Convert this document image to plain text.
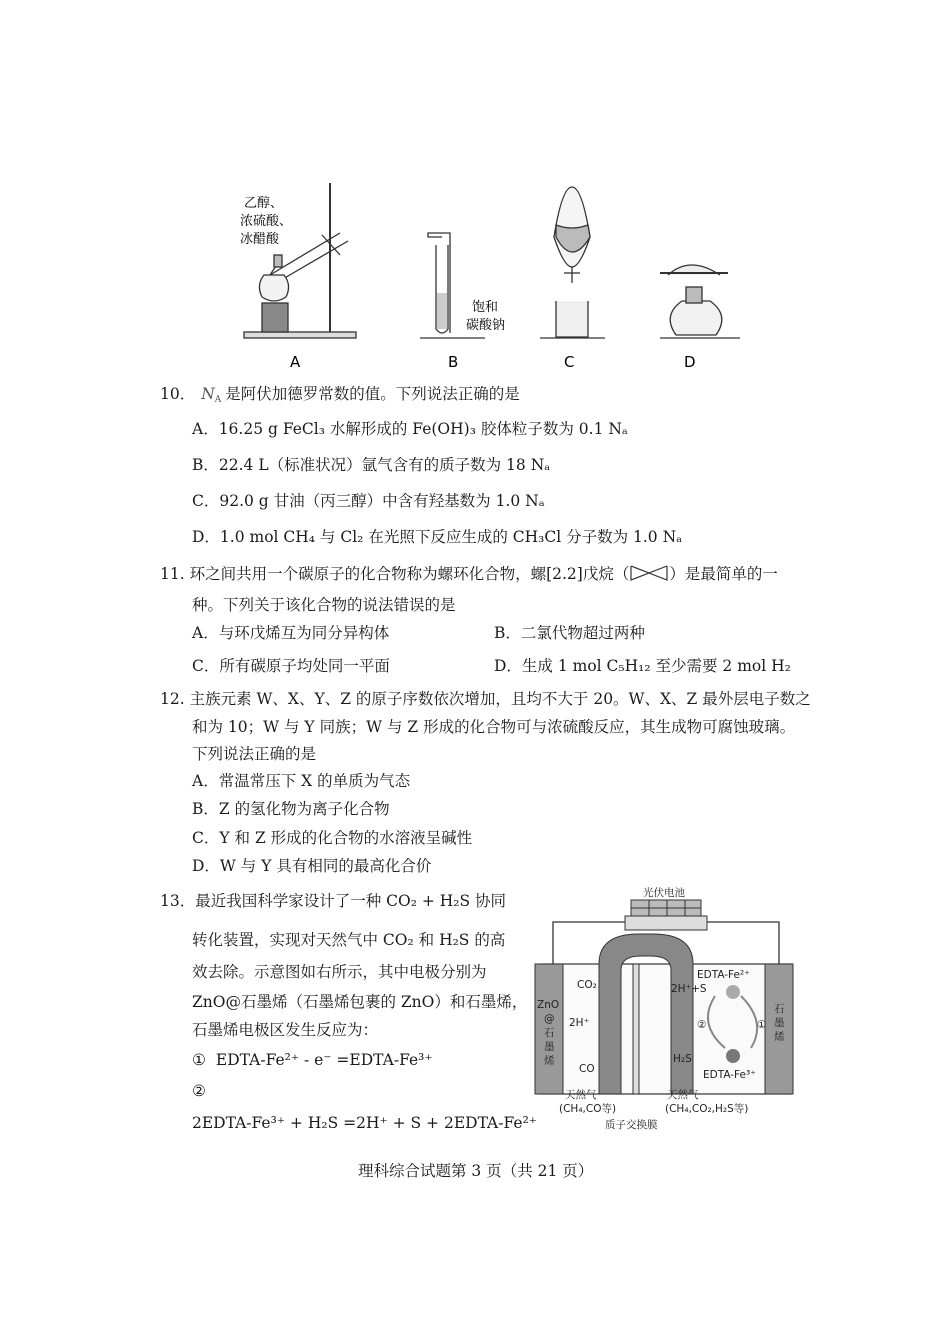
乙醇、
浓硫酸、
冰醋酸
饱和
碳酸钠
A	B	C	D
10． $N_A$ 是阿伏加德罗常数的值。下列说法正确的是
A．16.25 g FeCl₃ 水解形成的 Fe(OH)₃ 胶体粒子数为 0.1 Nₐ
B．22.4 L（标准状况）氩气含有的质子数为 18 Nₐ
C．92.0 g 甘油（丙三醇）中含有羟基数为 1.0 Nₐ
D．1.0 mol CH₄ 与 Cl₂ 在光照下反应生成的 CH₃Cl 分子数为 1.0 Nₐ
11. 环之间共用一个碳原子的化合物称为螺环化合物，螺[2.2]戊烷（	）是最简单的一
种。下列关于该化合物的说法错误的是
A．与环戊烯互为同分异构体	B．二氯代物超过两种
C．所有碳原子均处同一平面	D．生成 1 mol C₅H₁₂ 至少需要 2 mol H₂
12. 主族元素 W、X、Y、Z 的原子序数依次增加，且均不大于 20。W、X、Z 最外层电子数之
和为 10；W 与 Y 同族；W 与 Z 形成的化合物可与浓硫酸反应，其生成物可腐蚀玻璃。
下列说法正确的是
A．常温常压下 X 的单质为气态
B．Z 的氢化物为离子化合物
C．Y 和 Z 形成的化合物的水溶液呈碱性
D．W 与 Y 具有相同的最高化合价
13．最近我国科学家设计了一种 CO₂ + H₂S 协同
转化装置，实现对天然气中 CO₂ 和 H₂S 的高
效去除。示意图如右所示，其中电极分别为
ZnO@石墨烯（石墨烯包裹的 ZnO）和石墨烯，
石墨烯电极区发生反应为：
① EDTA-Fe²⁺ - e⁻ =EDTA-Fe³⁺
②
2EDTA-Fe³⁺ + H₂S =2H⁺ + S + 2EDTA-Fe²⁺
光伏电池
ZnO
@
石
墨
烯
石
墨
烯
CO₂
2H⁺
CO
EDTA-Fe²⁺
2H⁺+S
②	①
H₂S
EDTA-Fe³⁺
天然气
(CH₄,CO等)
天然气
(CH₄,CO₂,H₂S等)
质子交换膜
理科综合试题第 3 页（共 21 页）
